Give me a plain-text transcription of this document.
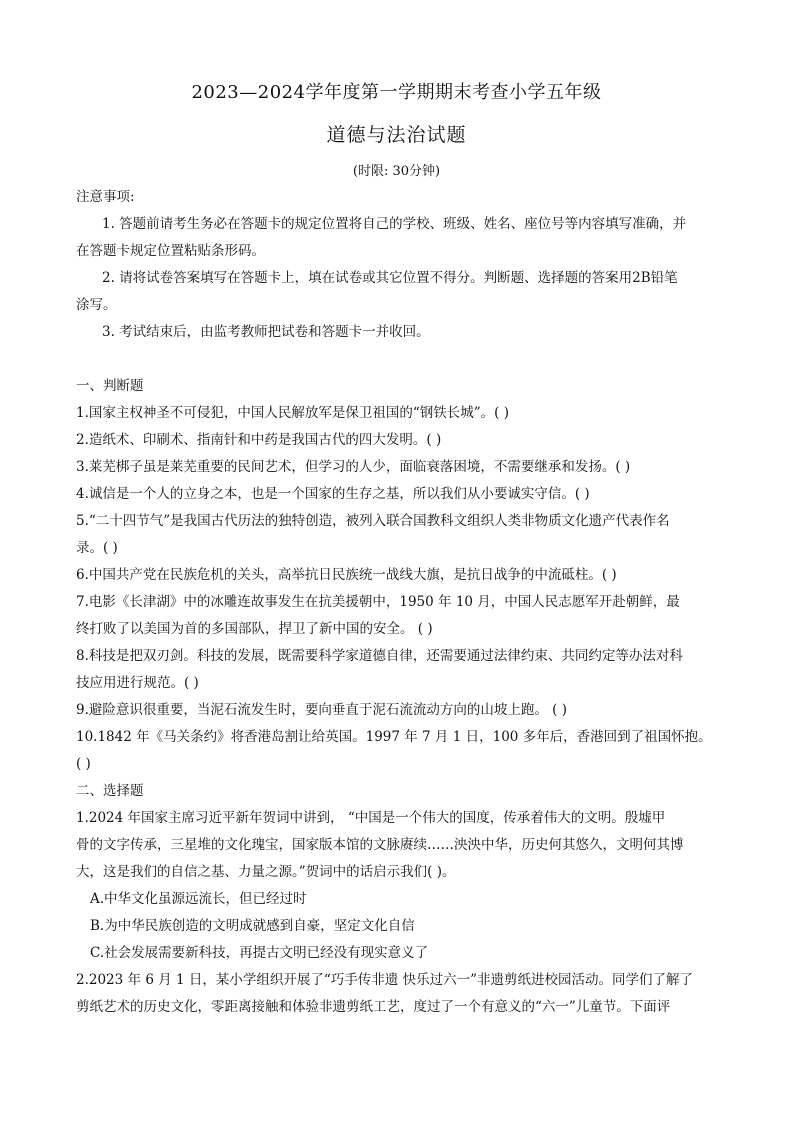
2023—2024学年度第一学期期末考查小学五年级
道德与法治试题
(时限: 30分钟)
注意事项:
1. 答题前请考生务必在答题卡的规定位置将自己的学校、班级、姓名、座位号等内容填写准确，并
在答题卡规定位置粘贴条形码。
2. 请将试卷答案填写在答题卡上，填在试卷或其它位置不得分。判断题、选择题的答案用2B铅笔
涂写。
3. 考试结束后，由监考教师把试卷和答题卡一并收回。
一、判断题
1.国家主权神圣不可侵犯，中国人民解放军是保卫祖国的“钢铁长城”。( )
2.造纸术、印刷术、指南针和中药是我国古代的四大发明。( )
3.莱芜梆子虽是莱芜重要的民间艺术，但学习的人少，面临衰落困境，不需要继承和发扬。( )
4.诚信是一个人的立身之本，也是一个国家的生存之基，所以我们从小要诚实守信。( )
5.“二十四节气”是我国古代历法的独特创造，被列入联合国教科文组织人类非物质文化遗产代表作名
录。( )
6.中国共产党在民族危机的关头，高举抗日民族统一战线大旗，是抗日战争的中流砥柱。( )
7.电影《长津湖》中的冰雕连故事发生在抗美援朝中，1950 年 10 月，中国人民志愿军开赴朝鲜，最
终打败了以美国为首的多国部队，捍卫了新中国的安全。 ( )
8.科技是把双刃剑。科技的发展，既需要科学家道德自律，还需要通过法律约束、共同约定等办法对科
技应用进行规范。( )
9.避险意识很重要，当泥石流发生时，要向垂直于泥石流流动方向的山坡上跑。 ( )
10.1842 年《马关条约》将香港岛割让给英国。1997 年 7 月 1 日，100 多年后，香港回到了祖国怀抱。
( )
二、选择题
1.2024 年国家主席习近平新年贺词中讲到， “中国是一个伟大的国度，传承着伟大的文明。殷墟甲
骨的文字传承，三星堆的文化瑰宝，国家版本馆的文脉赓续……泱泱中华，历史何其悠久，文明何其博
大，这是我们的自信之基、力量之源。”贺词中的话启示我们( )。
A.中华文化虽源远流长，但已经过时
B.为中华民族创造的文明成就感到自豪，坚定文化自信
C.社会发展需要新科技，再提古文明已经没有现实意义了
2.2023 年 6 月 1 日，某小学组织开展了“巧手传非遗 快乐过六一”非遗剪纸进校园活动。同学们了解了
剪纸艺术的历史文化，零距离接触和体验非遗剪纸工艺，度过了一个有意义的“六一”儿童节。下面评
